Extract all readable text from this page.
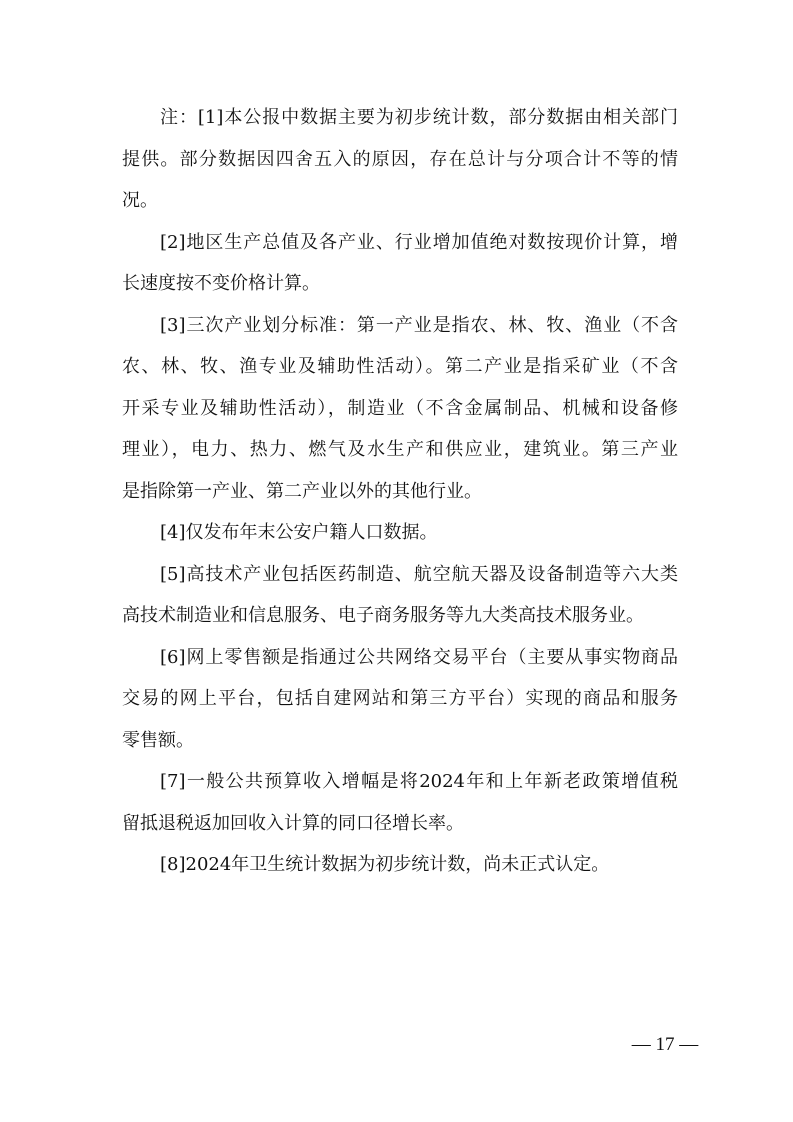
注：[1]本公报中数据主要为初步统计数，部分数据由相关部门
提供。部分数据因四舍五入的原因，存在总计与分项合计不等的情
况。
[2]地区生产总值及各产业、行业增加值绝对数按现价计算，增
长速度按不变价格计算。
[3]三次产业划分标准：第一产业是指农、林、牧、渔业（不含
农、林、牧、渔专业及辅助性活动）。第二产业是指采矿业（不含
开采专业及辅助性活动），制造业（不含金属制品、机械和设备修
理业），电力、热力、燃气及水生产和供应业，建筑业。第三产业
是指除第一产业、第二产业以外的其他行业。
[4]仅发布年末公安户籍人口数据。
[5]高技术产业包括医药制造、航空航天器及设备制造等六大类
高技术制造业和信息服务、电子商务服务等九大类高技术服务业。
[6]网上零售额是指通过公共网络交易平台（主要从事实物商品
交易的网上平台，包括自建网站和第三方平台）实现的商品和服务
零售额。
[7]一般公共预算收入增幅是将2024年和上年新老政策增值税
留抵退税返加回收入计算的同口径增长率。
[8]2024年卫生统计数据为初步统计数，尚未正式认定。
— 17 —
